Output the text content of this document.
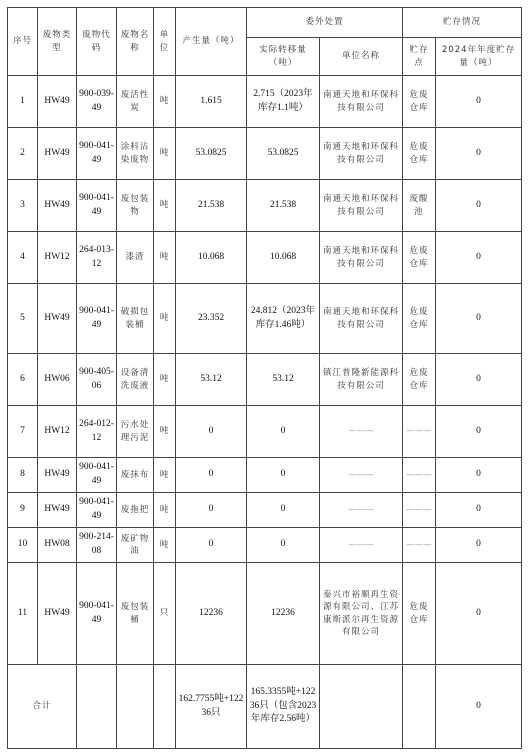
序号	废物类型	废物代码	废物名称	单位	产生量（吨）	委外处置		贮存情况	
						实际转移量（吨）	单位名称	贮存点	2024年年度贮存量（吨）
1	HW49	900-039-49	废活性炭	吨	1.615	2.715（2023年库存1.1吨）	南通天地和环保科技有限公司	危废仓库	0
2	HW49	900-041-49	涂料沾染废物	吨	53.0825	53.0825	南通天地和环保科技有限公司	危废仓库	0
3	HW49	900-041-49	废包装物	吨	21.538	21.538	南通天地和环保科技有限公司	废酸池	0
4	HW12	264-013-12	漆渣	吨	10.068	10.068	南通天地和环保科技有限公司	危废仓库	0
5	HW49	900-041-49	破损包装桶	吨	23.352	24.812（2023年库存1.46吨）	南通天地和环保科技有限公司	危废仓库	0
6	HW06	900-405-06	设备清洗废液	吨	53.12	53.12	镇江普隆新能源科技有限公司	危废仓库	0
7	HW12	264-012-12	污水处理污泥	吨	0	0	———	———	0
8	HW49	900-041-49	废抹布	吨	0	0	———	———	0
9	HW49	900-041-49	废拖把	吨	0	0	———	———	0
10	HW08	900-214-08	废矿物油	吨	0	0	———	———	0
11	HW49	900-041-49	废包装桶	只	12236	12236	泰兴市裕顺再生资源有限公司、江苏康斯派尔再生资源有限公司	危废仓库	0
合计					162.7755吨+12236只	165.3355吨+12236只（包含2023年库存2.56吨）			0
